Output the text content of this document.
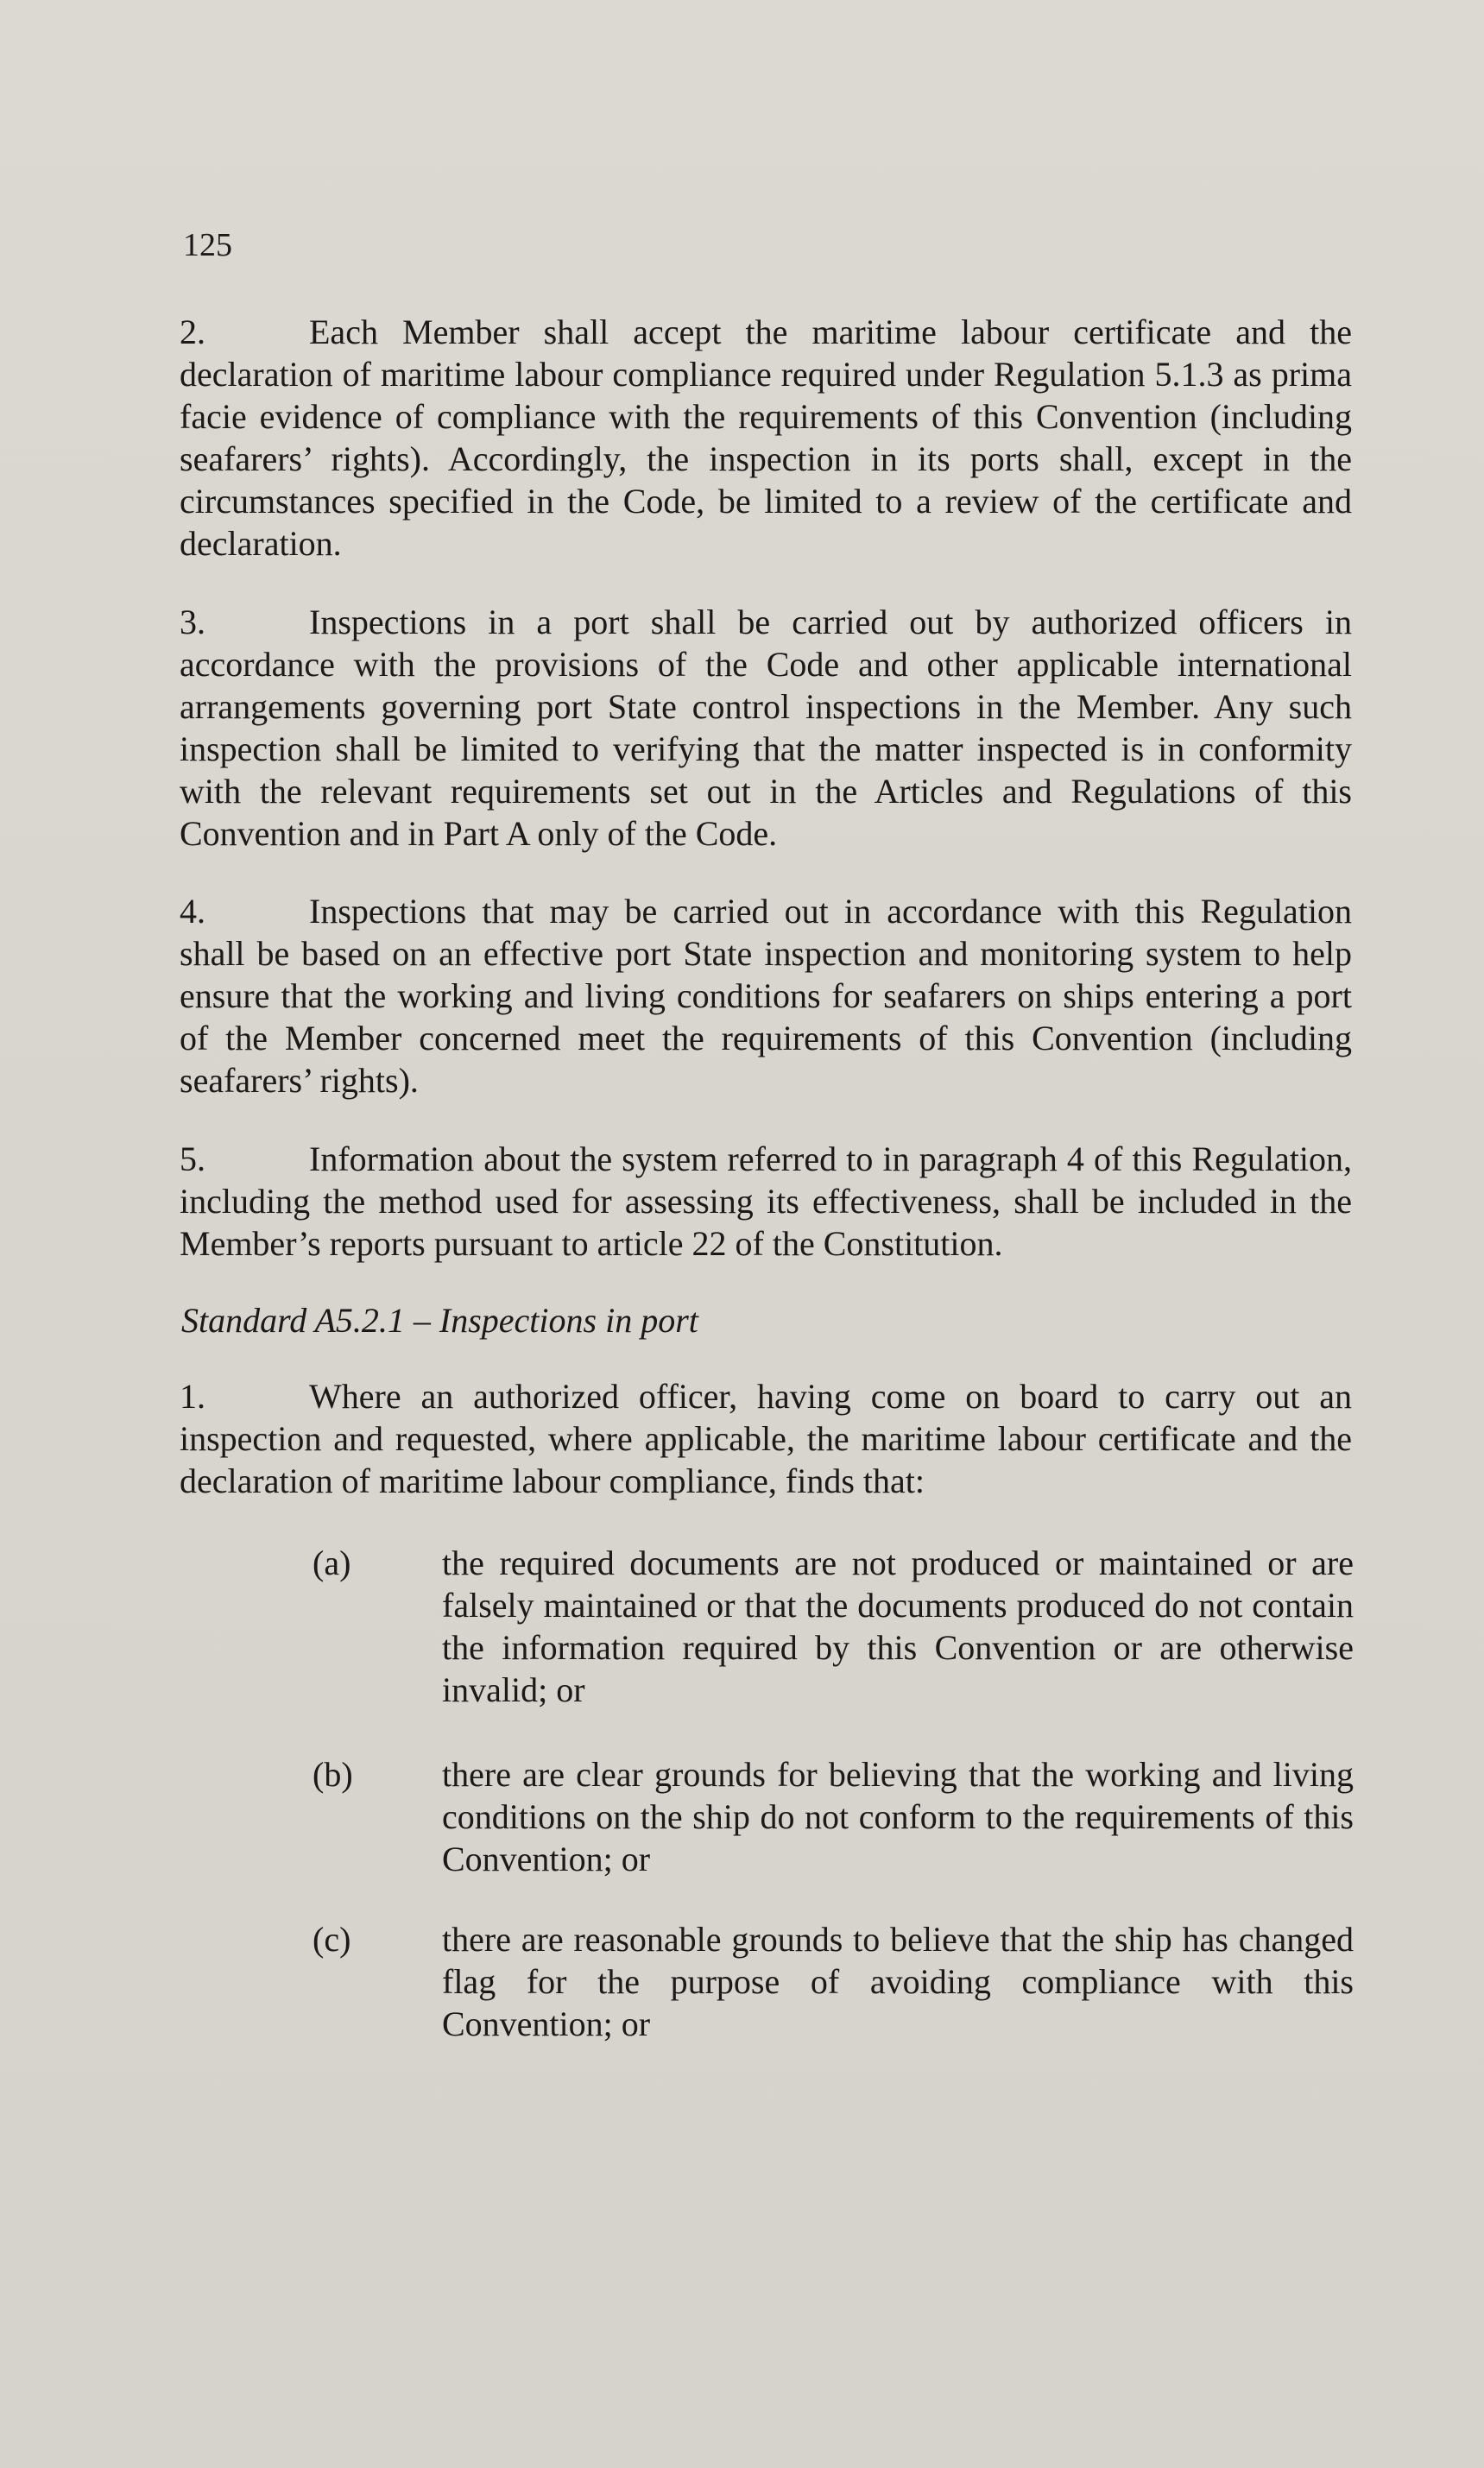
125
2.	Each Member shall accept the maritime labour certificate and the declaration of maritime labour compliance required under Regulation 5.1.3 as prima facie evidence of compliance with the requirements of this Convention (including seafarers’ rights). Accordingly, the inspection in its ports shall, except in the circumstances specified in the Code, be limited to a review of the certificate and declaration.
3.	Inspections in a port shall be carried out by authorized officers in accordance with the provisions of the Code and other applicable international arrangements governing port State control inspections in the Member. Any such inspection shall be limited to verifying that the matter inspected is in conformity with the relevant requirements set out in the Articles and Regulations of this Convention and in Part A only of the Code.
4.	Inspections that may be carried out in accordance with this Regulation shall be based on an effective port State inspection and monitoring system to help ensure that the working and living conditions for seafarers on ships entering a port of the Member concerned meet the requirements of this Convention (including seafarers’ rights).
5.	Information about the system referred to in paragraph 4 of this Regulation, including the method used for assessing its effectiveness, shall be included in the Member’s reports pursuant to article 22 of the Constitution.
Standard A5.2.1 – Inspections in port
1.	Where an authorized officer, having come on board to carry out an inspection and requested, where applicable, the maritime labour certificate and the declaration of maritime labour compliance, finds that:
(a)	the required documents are not produced or maintained or are falsely maintained or that the documents produced do not contain the information required by this Convention or are otherwise invalid; or
(b)	there are clear grounds for believing that the working and living conditions on the ship do not conform to the requirements of this Convention; or
(c)	there are reasonable grounds to believe that the ship has changed flag for the purpose of avoiding compliance with this Convention; or
